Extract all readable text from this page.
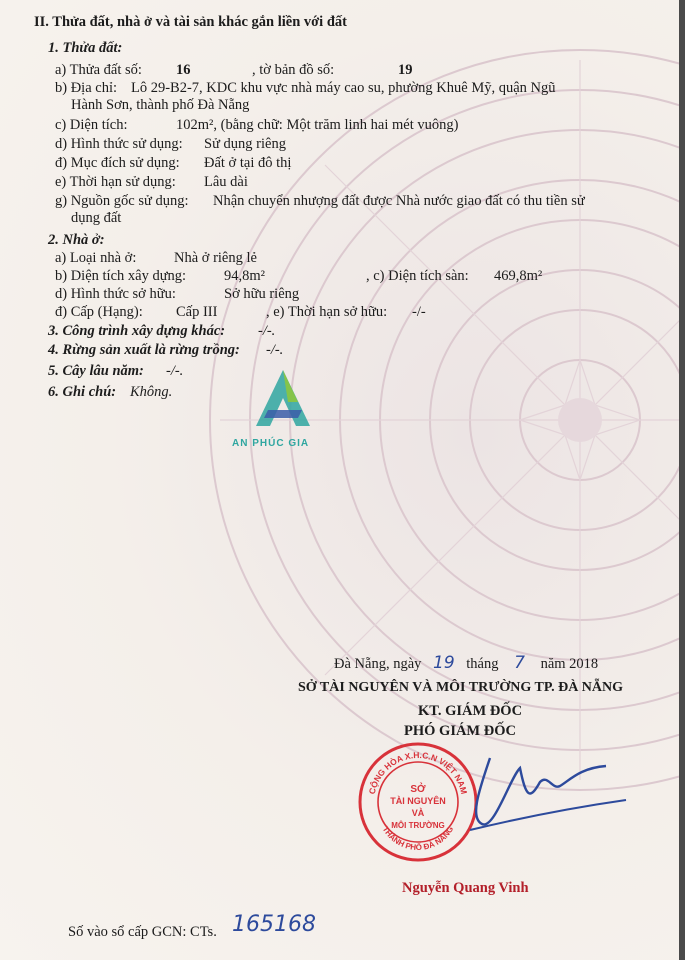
II. Thửa đất, nhà ở và tài sản khác gắn liền với đất
1. Thửa đất:
a) Thửa đất số: 16	, tờ bản đồ số:	19
b) Địa chỉ: Lô 29-B2-7, KDC khu vực nhà máy cao su, phường Khuê Mỹ, quận Ngũ
Hành Sơn, thành phố Đà Nẵng
c) Diện tích:	102m², (bằng chữ: Một trăm linh hai mét vuông)
d) Hình thức sử dụng: Sử dụng riêng
đ) Mục đích sử dụng: Đất ở tại đô thị
e) Thời hạn sử dụng: Lâu dài
g) Nguồn gốc sử dụng: Nhận chuyển nhượng đất được Nhà nước giao đất có thu tiền sử
dụng đất
2. Nhà ở:
a) Loại nhà ở:	Nhà ở riêng lẻ
b) Diện tích xây dựng:	94,8m²	, c) Diện tích sàn: 469,8m²
d) Hình thức sở hữu:	Sở hữu riêng
đ) Cấp (Hạng): Cấp III	, e) Thời hạn sở hữu: -/-
3. Công trình xây dựng khác: -/-.
4. Rừng sản xuất là rừng trồng: -/-.
5. Cây lâu năm: -/-.
6. Ghi chú: Không.
AN PHÚC GIA
Đà Nẵng, ngày 19 tháng 7 năm 2018
SỞ TÀI NGUYÊN VÀ MÔI TRƯỜNG TP. ĐÀ NẴNG
KT. GIÁM ĐỐC
PHÓ GIÁM ĐỐC
CỘNG HÒA X.H.C.N VIỆT NAM
THÀNH PHỐ ĐÀ NẴNG
SỞ
TÀI NGUYÊN
VÀ
MÔI TRƯỜNG
Nguyễn Quang Vinh
Số vào sổ cấp GCN: CTs. 165168
